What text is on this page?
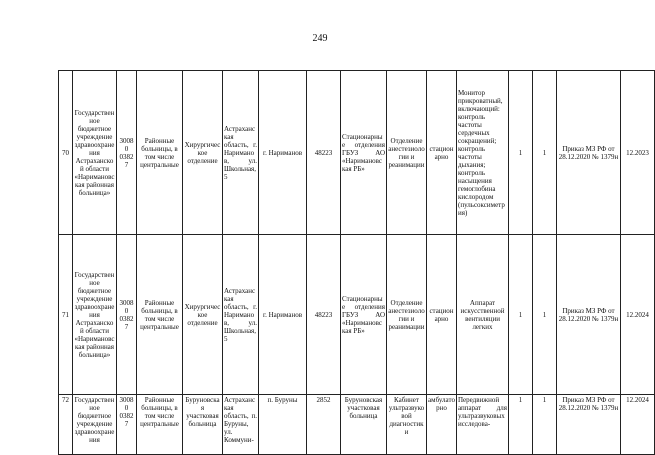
249
70	Государственное бюджетное учреждение здравоохранения Астраханской области «Наримановская районная больница»	30080 03827	Районные больницы, в том числе центральные	Хирургическое отделение	Астраханская область, г. Нариманов, ул. Школьная, 5	г. Нариманов	48223	Стационарные отделения ГБУЗ АО «Наримановская РБ»	Отделение анестезиологии и реанимации	стационарно	Монитор прикроватный, включающий: контроль частоты сердечных сокращений; контроль частоты дыхания; контроль насыщения гемоглобина кислородом (пульсоксиметрия)	1	1	Приказ МЗ РФ от 28.12.2020 № 1379н	12.2023
71	Государственное бюджетное учреждение здравоохранения Астраханской области «Наримановская районная больница»	30080 03827	Районные больницы, в том числе центральные	Хирургическое отделение	Астраханская область, г. Нариманов, ул. Школьная, 5	г. Нариманов	48223	Стационарные отделения ГБУЗ АО «Наримановская РБ»	Отделение анестезиологии и реанимации	стационарно	Аппарат искусственной вентиляции легких	1	1	Приказ МЗ РФ от 28.12.2020 № 1379н	12.2024
72	Государственное бюджетное учреждение здравоохранения	30080 03827	Районные больницы, в том числе центральные	Буруновская участковая больница	Астраханская область, п. Буруны, ул. Коммуни-	п. Буруны	2852	Буруновская участковая больница	Кабинет ультразвуковой диагностики	амбулаторно	Передвижной аппарат для ультразвуковых исследова-	1	1	Приказ МЗ РФ от 28.12.2020 № 1379н	12.2024
